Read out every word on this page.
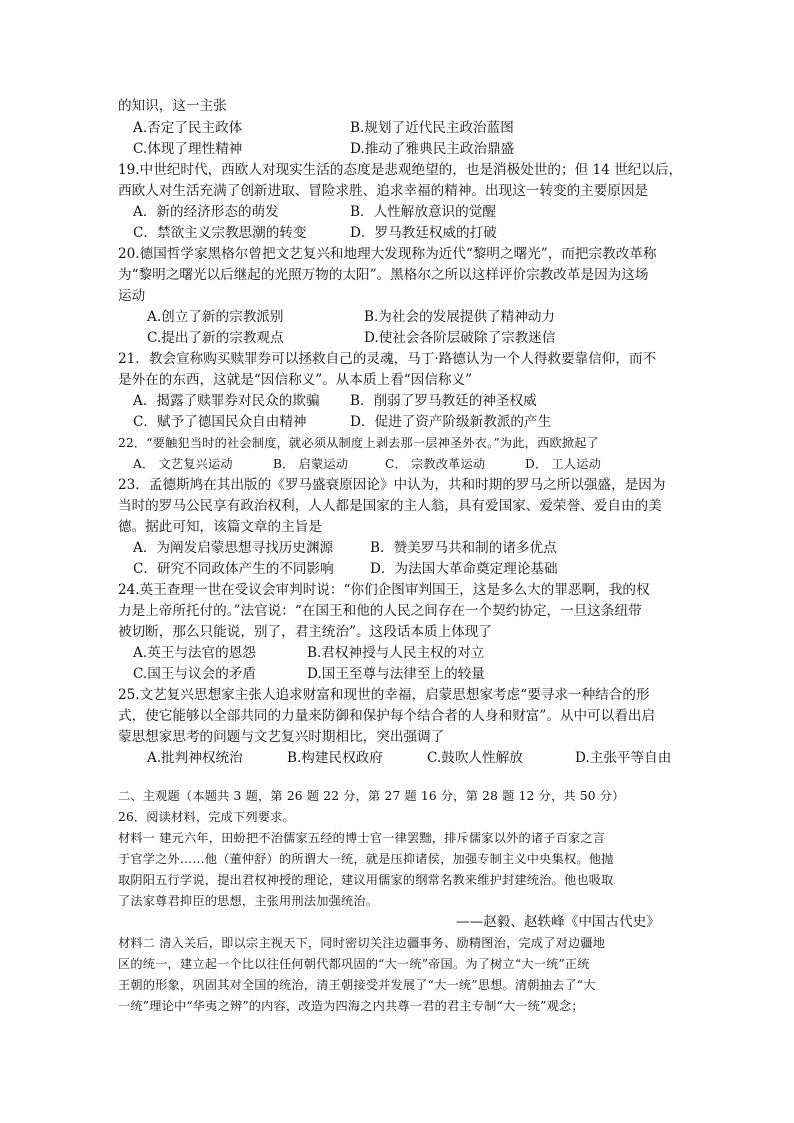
的知识，这一主张
A.否定了民主政体	B.规划了近代民主政治蓝图
C.体现了理性精神	D.推动了雅典民主政治鼎盛
19.中世纪时代，西欧人对现实生活的态度是悲观绝望的，也是消极处世的；但 14 世纪以后，
西欧人对生活充满了创新进取、冒险求胜、追求幸福的精神。出现这一转变的主要原因是
A．新的经济形态的萌发	B．人性解放意识的觉醒
C．禁欲主义宗教思潮的转变	D．罗马教廷权威的打破
20.德国哲学家黑格尔曾把文艺复兴和地理大发现称为近代“黎明之曙光”，而把宗教改革称
为“黎明之曙光以后继起的光照万物的太阳”。黑格尔之所以这样评价宗教改革是因为这场
运动
A.创立了新的宗教派别	B.为社会的发展提供了精神动力
C.提出了新的宗教观点	D.使社会各阶层破除了宗教迷信
21．教会宣称购买赎罪券可以拯救自己的灵魂，马丁·路德认为一个人得救要靠信仰，而不
是外在的东西，这就是“因信称义”。从本质上看“因信称义”
A．揭露了赎罪券对民众的欺骗 B．削弱了罗马教廷的神圣权威
C．赋予了德国民众自由精神	D．促进了资产阶级新教派的产生
22．“要触犯当时的社会制度，就必须从制度上剥去那一层神圣外衣。”为此，西欧掀起了
A． 文艺复兴运动	B． 启蒙运动	C． 宗教改革运动	D． 工人运动
23．孟德斯鸠在其出版的《罗马盛衰原因论》中认为，共和时期的罗马之所以强盛，是因为
当时的罗马公民享有政治权利，人人都是国家的主人翁，具有爱国家、爱荣誉、爱自由的美
德。据此可知，该篇文章的主旨是
A．为阐发启蒙思想寻找历史渊源	B．赞美罗马共和制的诸多优点
C．研究不同政体产生的不同影响	D．为法国大革命奠定理论基础
24.英王查理一世在受议会审判时说：“你们企图审判国王，这是多么大的罪恶啊，我的权
力是上帝所托付的。”法官说：“在国王和他的人民之间存在一个契约协定，一旦这条纽带
被切断，那么只能说，别了，君主统治”。这段话本质上体现了
A.英王与法官的恩怨	B.君权神授与人民主权的对立
C.国王与议会的矛盾	D.国王至尊与法律至上的较量
25.文艺复兴思想家主张人追求财富和现世的幸福，启蒙思想家考虑“要寻求一种结合的形
式，使它能够以全部共同的力量来防御和保护每个结合者的人身和财富”。从中可以看出启
蒙思想家思考的问题与文艺复兴时期相比，突出强调了
A.批判神权统治	B.构建民权政府	C.鼓吹人性解放	D.主张平等自由
二、主观题（本题共 3 题，第 26 题 22 分，第 27 题 16 分，第 28 题 12 分，共 50 分）
26．阅读材料，完成下列要求。
材料一 建元六年，田蚡把不治儒家五经的博士官一律罢黜，排斥儒家以外的诸子百家之言
于官学之外……他（董仲舒）的所谓大一统，就是压抑诸侯，加强专制主义中央集权。他抛
取阴阳五行学说，提出君权神授的理论，建议用儒家的纲常名教来维护封建统治。他也吸取
了法家尊君抑臣的思想，主张用刑法加强统治。
——赵毅、赵轶峰《中国古代史》
材料二 清入关后，即以宗主视天下，同时密切关注边疆事务、励精图治，完成了对边疆地
区的统一，建立起一个比以往任何朝代都巩固的“大一统”帝国。为了树立“大一统”正统
王朝的形象，巩固其对全国的统治，清王朝接受并发展了“大一统”思想。清朝抽去了“大
一统”理论中“华夷之辨”的内容，改造为四海之内共尊一君的君主专制“大一统”观念；
